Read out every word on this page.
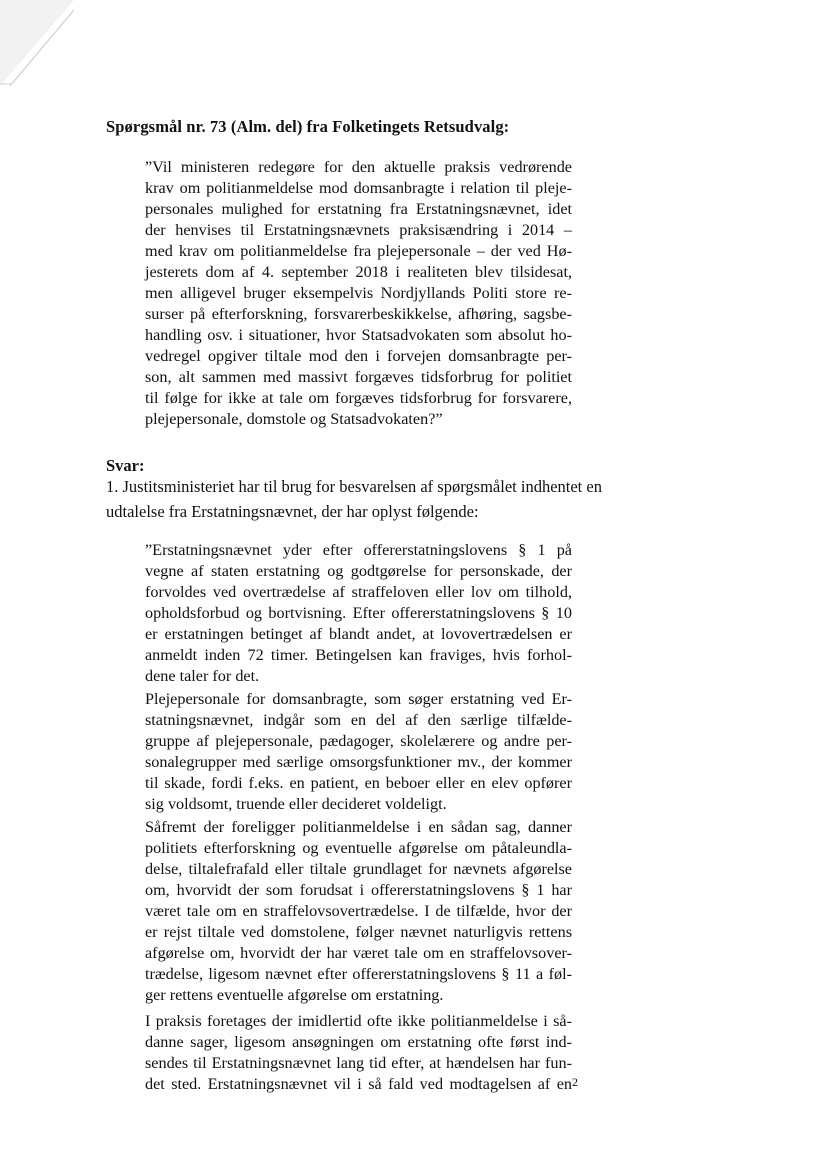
Spørgsmål nr. 73 (Alm. del) fra Folketingets Retsudvalg:

”Vil ministeren redegøre for den aktuelle praksis vedrørende
krav om politianmeldelse mod domsanbragte i relation til pleje-
personales mulighed for erstatning fra Erstatningsnævnet, idet
der henvises til Erstatningsnævnets praksisændring i 2014 –
med krav om politianmeldelse fra plejepersonale – der ved Hø-
jesterets dom af 4. september 2018 i realiteten blev tilsidesat,
men alligevel bruger eksempelvis Nordjyllands Politi store re-
surser på efterforskning, forsvarerbeskikkelse, afhøring, sagsbe-
handling osv. i situationer, hvor Statsadvokaten som absolut ho-
vedregel opgiver tiltale mod den i forvejen domsanbragte per-
son, alt sammen med massivt forgæves tidsforbrug for politiet
til følge for ikke at tale om forgæves tidsforbrug for forsvarere,
plejepersonale, domstole og Statsadvokaten?”

Svar:

1. Justitsministeriet har til brug for besvarelsen af spørgsmålet indhentet en
udtalelse fra Erstatningsnævnet, der har oplyst følgende:
”Erstatningsnævnet yder efter offererstatningslovens § 1 på
vegne af staten erstatning og godtgørelse for personskade, der
forvoldes ved overtrædelse af straffeloven eller lov om tilhold,
opholdsforbud og bortvisning. Efter offererstatningslovens § 10
er erstatningen betinget af blandt andet, at lovovertrædelsen er
anmeldt inden 72 timer. Betingelsen kan fraviges, hvis forhol-
dene taler for det.
Plejepersonale for domsanbragte, som søger erstatning ved Er-
statningsnævnet, indgår som en del af den særlige tilfælde-
gruppe af plejepersonale, pædagoger, skolelærere og andre per-
sonalegrupper med særlige omsorgsfunktioner mv., der kommer
til skade, fordi f.eks. en patient, en beboer eller en elev opfører
sig voldsomt, truende eller decideret voldeligt.
Såfremt der foreligger politianmeldelse i en sådan sag, danner
politiets efterforskning og eventuelle afgørelse om påtaleundla-
delse, tiltalefrafald eller tiltale grundlaget for nævnets afgørelse
om, hvorvidt der som forudsat i offererstatningslovens § 1 har
været tale om en straffelovsovertrædelse. I de tilfælde, hvor der
er rejst tiltale ved domstolene, følger nævnet naturligvis rettens
afgørelse om, hvorvidt der har været tale om en straffelovsover-
trædelse, ligesom nævnet efter offererstatningslovens § 11 a føl-
ger rettens eventuelle afgørelse om erstatning.
I praksis foretages der imidlertid ofte ikke politianmeldelse i så-
danne sager, ligesom ansøgningen om erstatning ofte først ind-
sendes til Erstatningsnævnet lang tid efter, at hændelsen har fun-
det sted. Erstatningsnævnet vil i så fald ved modtagelsen af en 2
